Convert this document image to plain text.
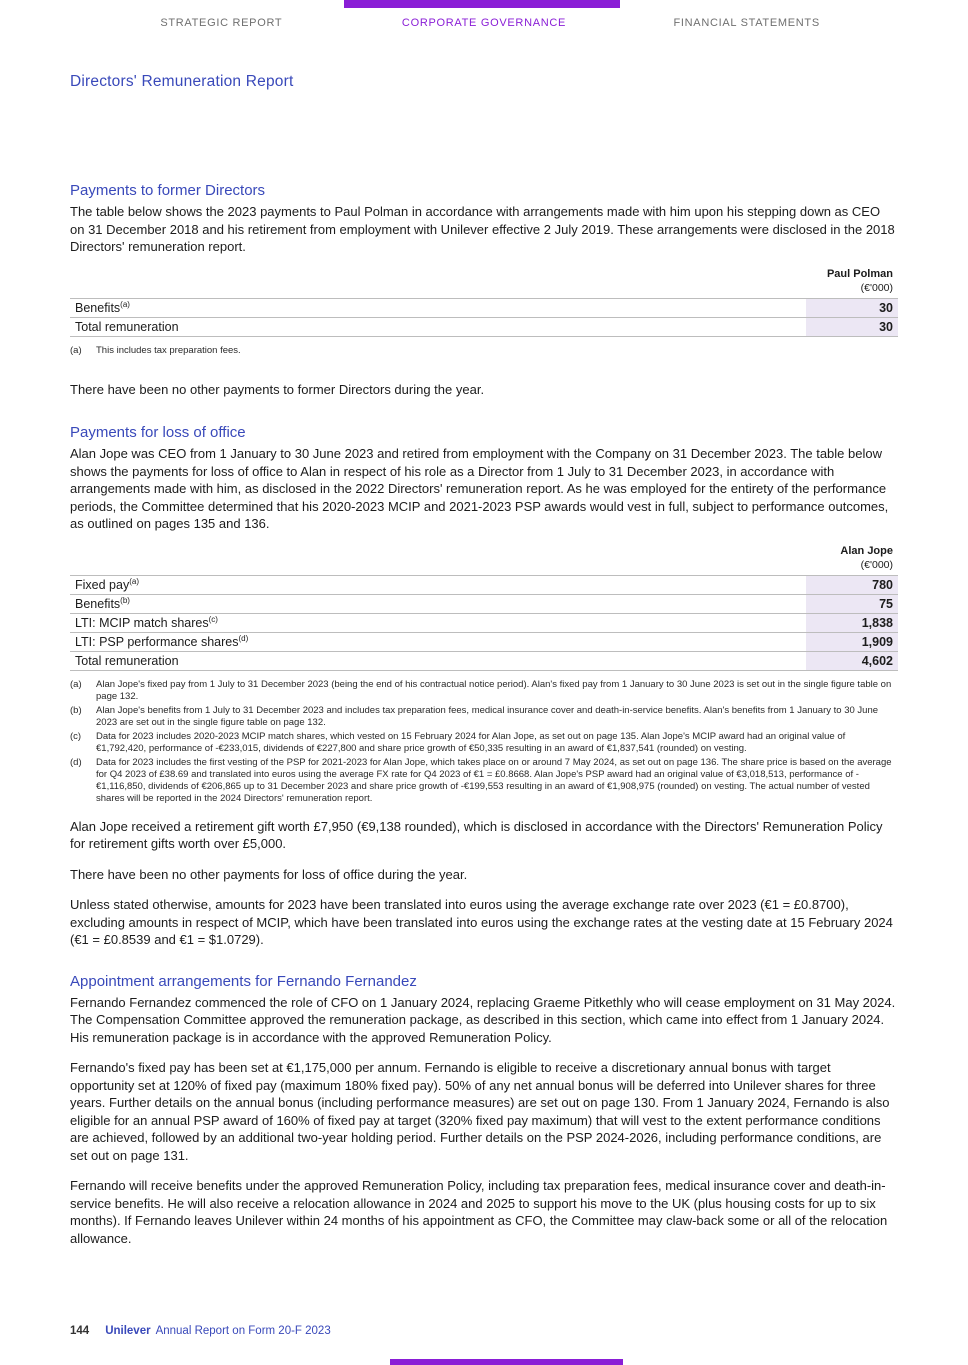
STRATEGIC REPORT	CORPORATE GOVERNANCE	FINANCIAL STATEMENTS
Directors' Remuneration Report
Payments to former Directors

The table below shows the 2023 payments to Paul Polman in accordance with arrangements made with him upon his stepping down as CEO on 31 December 2018 and his retirement from employment with Unilever effective 2 July 2019. These arrangements were disclosed in the 2018 Directors' remuneration report.

	Paul Polman
	(€'000)
Benefits$^{(a)}$	30
Total remuneration	30
(a)	This includes tax preparation fees.

There have been no other payments to former Directors during the year.

Payments for loss of office

Alan Jope was CEO from 1 January to 30 June 2023 and retired from employment with the Company on 31 December 2023. The table below shows the payments for loss of office to Alan in respect of his role as a Director from 1 July to 31 December 2023, in accordance with arrangements made with him, as disclosed in the 2022 Directors' remuneration report. As he was employed for the entirety of the performance periods, the Committee determined that his 2020-2023 MCIP and 2021-2023 PSP awards would vest in full, subject to performance outcomes, as outlined on pages 135 and 136.

	Alan Jope
	(€'000)
Fixed pay$^{(a)}$	780
Benefits$^{(b)}$	75
LTI: MCIP match shares$^{(c)}$	1,838
LTI: PSP performance shares$^{(d)}$	1,909
Total remuneration	4,602
(a)	Alan Jope's fixed pay from 1 July to 31 December 2023 (being the end of his contractual notice period). Alan's fixed pay from 1 January to 30 June 2023 is set out in the single figure table on page 132.
(b)	Alan Jope's benefits from 1 July to 31 December 2023 and includes tax preparation fees, medical insurance cover and death-in-service benefits. Alan's benefits from 1 January to 30 June 2023 are set out in the single figure table on page 132.
(c)	Data for 2023 includes 2020-2023 MCIP match shares, which vested on 15 February 2024 for Alan Jope, as set out on page 135. Alan Jope's MCIP award had an original value of €1,792,420, performance of -€233,015, dividends of €227,800 and share price growth of €50,335 resulting in an award of €1,837,541 (rounded) on vesting.
(d)	Data for 2023 includes the first vesting of the PSP for 2021-2023 for Alan Jope, which takes place on or around 7 May 2024, as set out on page 136. The share price is based on the average for Q4 2023 of £38.69 and translated into euros using the average FX rate for Q4 2023 of €1 = £0.8668. Alan Jope's PSP award had an original value of €3,018,513, performance of -€1,116,850, dividends of €206,865 up to 31 December 2023 and share price growth of -€199,553 resulting in an award of €1,908,975 (rounded) on vesting. The actual number of vested shares will be reported in the 2024 Directors' remuneration report.

Alan Jope received a retirement gift worth £7,950 (€9,138 rounded), which is disclosed in accordance with the Directors' Remuneration Policy for retirement gifts worth over £5,000.

There have been no other payments for loss of office during the year.

Unless stated otherwise, amounts for 2023 have been translated into euros using the average exchange rate over 2023 (€1 = £0.8700), excluding amounts in respect of MCIP, which have been translated into euros using the exchange rates at the vesting date at 15 February 2024 (€1 = £0.8539 and €1 = $1.0729).

Appointment arrangements for Fernando Fernandez

Fernando Fernandez commenced the role of CFO on 1 January 2024, replacing Graeme Pitkethly who will cease employment on 31 May 2024. The Compensation Committee approved the remuneration package, as described in this section, which came into effect from 1 January 2024. His remuneration package is in accordance with the approved Remuneration Policy.

Fernando's fixed pay has been set at €1,175,000 per annum. Fernando is eligible to receive a discretionary annual bonus with target opportunity set at 120% of fixed pay (maximum 180% fixed pay). 50% of any net annual bonus will be deferred into Unilever shares for three years. Further details on the annual bonus (including performance measures) are set out on page 130. From 1 January 2024, Fernando is also eligible for an annual PSP award of 160% of fixed pay at target (320% fixed pay maximum) that will vest to the extent performance conditions are achieved, followed by an additional two-year holding period. Further details on the PSP 2024-2026, including performance conditions, are set out on page 131.

Fernando will receive benefits under the approved Remuneration Policy, including tax preparation fees, medical insurance cover and death-in-service benefits. He will also receive a relocation allowance in 2024 and 2025 to support his move to the UK (plus housing costs for up to six months). If Fernando leaves Unilever within 24 months of his appointment as CFO, the Committee may claw-back some or all of the relocation allowance.

144 Unilever Annual Report on Form 20-F 2023
